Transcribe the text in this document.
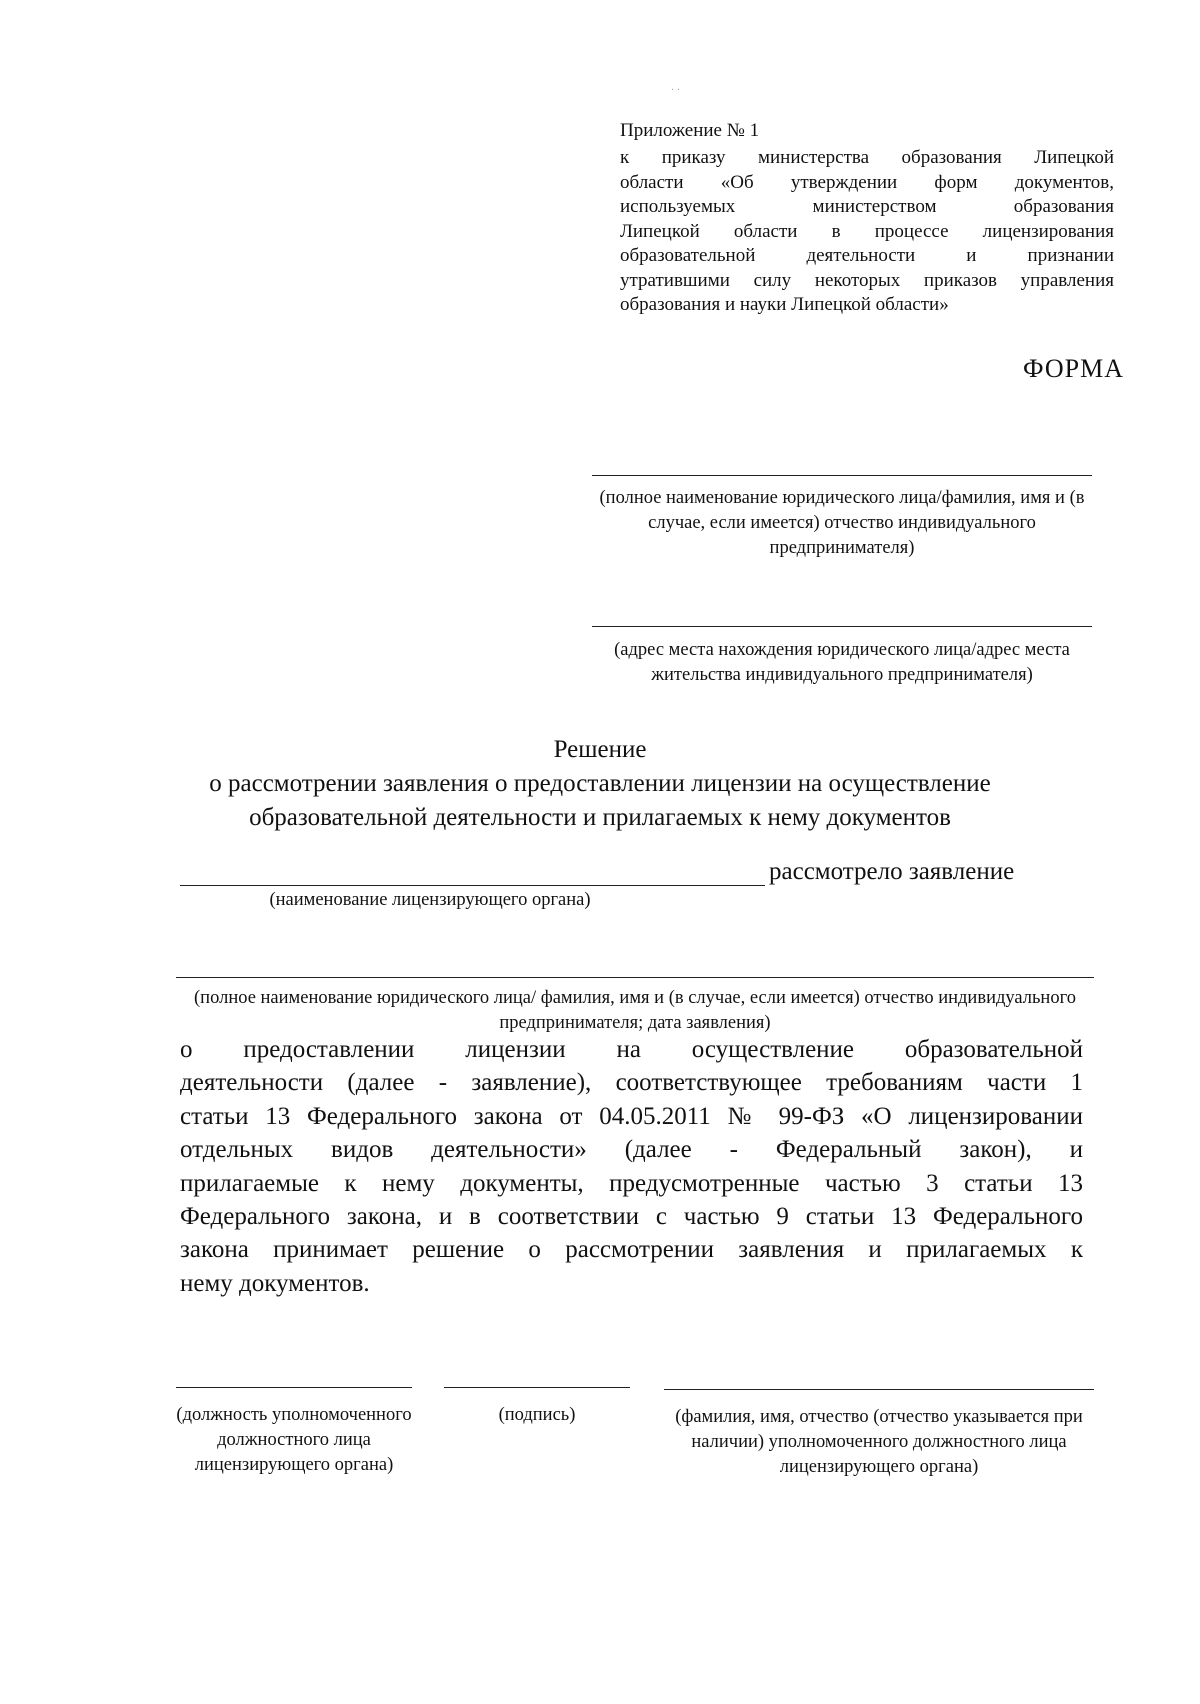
· ·
Приложение № 1
к приказу министерства образования Липецкой
области «Об утверждении форм документов,
используемых министерством образования
Липецкой области в процессе лицензирования
образовательной деятельности и признании
утратившими силу некоторых приказов управления
образования и науки Липецкой области»
ФОРМА
(полное наименование юридического лица/фамилия, имя и (в случае, если имеется) отчество индивидуального предпринимателя)
(адрес места нахождения юридического лица/адрес места жительства индивидуального предпринимателя)
Решение
о рассмотрении заявления о предоставлении лицензии на осуществление образовательной деятельности и прилагаемых к нему документов
рассмотрело заявление
(наименование лицензирующего органа)
(полное наименование юридического лица/ фамилия, имя и (в случае, если имеется) отчество индивидуального предпринимателя; дата заявления)
о предоставлении лицензии на осуществление образовательной
деятельности (далее - заявление), соответствующее требованиям части 1
статьи 13 Федерального закона от 04.05.2011 № 99-ФЗ «О лицензировании
отдельных видов деятельности» (далее - Федеральный закон), и
прилагаемые к нему документы, предусмотренные частью 3 статьи 13
Федерального закона, и в соответствии с частью 9 статьи 13 Федерального
закона принимает решение о рассмотрении заявления и прилагаемых к
нему документов.
(должность уполномоченного должностного лица лицензирующего органа)
(подпись)	(фамилия, имя, отчество (отчество указывается при наличии) уполномоченного должностного лица лицензирующего органа)
